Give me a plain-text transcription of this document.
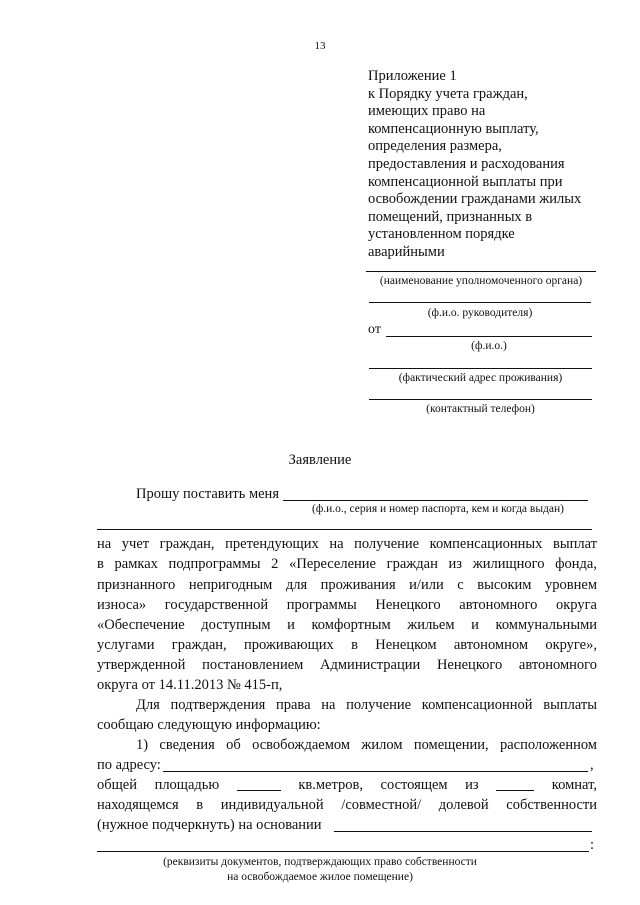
13
Приложение 1
к Порядку учета граждан,
имеющих право на
компенсационную выплату,
определения размера,
предоставления и расходования
компенсационной выплаты при
освобождении гражданами жилых
помещений, признанных в
установленном порядке
аварийными
(наименование уполномоченного органа)
(ф.и.о. руководителя)
от
(ф.и.о.)
(фактический адрес проживания)
(контактный телефон)
Заявление
Прошу поставить меня
(ф.и.о., серия и номер паспорта, кем и когда выдан)
на учет граждан, претендующих на получение компенсационных выплат
в рамках подпрограммы 2 «Переселение граждан из жилищного фонда,
признанного непригодным для проживания и/или с высоким уровнем
износа» государственной программы Ненецкого автономного округа
«Обеспечение доступным и комфортным жильем и коммунальными
услугами граждан, проживающих в Ненецком автономном округе»,
утвержденной постановлением Администрации Ненецкого автономного
округа от 14.11.2013 № 415-п,
Для подтверждения права на получение компенсационной выплаты
сообщаю следующую информацию:
1) сведения об освобождаемом жилом помещении, расположенном
по адресу:	,
общей площадью	кв.метров, состоящем из	комнат,
находящемся в индивидуальной /совместной/ долевой собственности
(нужное подчеркнуть) на основании
:
(реквизиты документов, подтверждающих право собственности
на освобождаемое жилое помещение)
